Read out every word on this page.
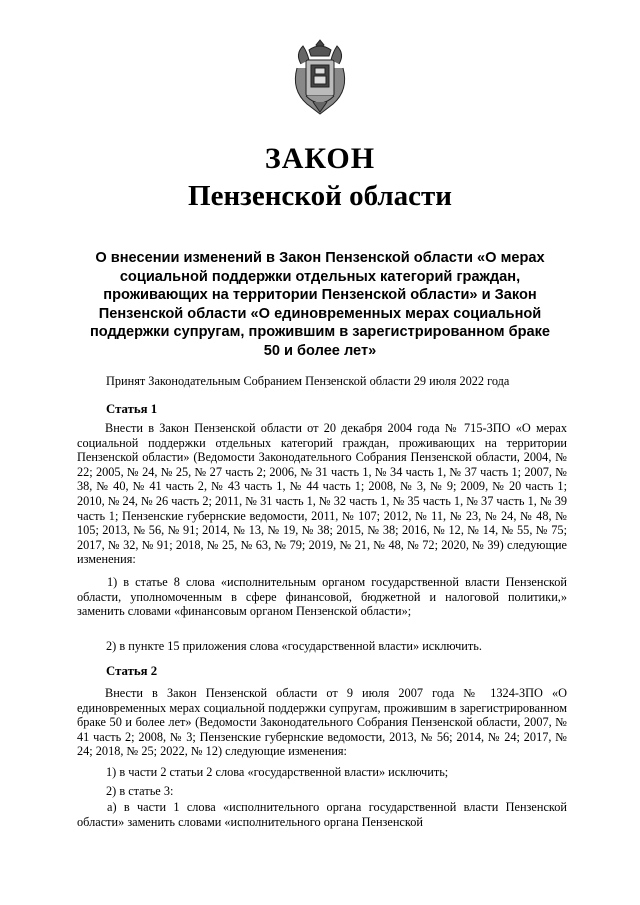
ЗАКОН
Пензенской области
О внесении изменений в Закон Пензенской области «О мерах социальной поддержки отдельных категорий граждан, проживающих на территории Пензенской области» и Закон Пензенской области «О единовременных мерах социальной поддержки супругам, прожившим в зарегистрированном браке 50 и более лет»
Принят Законодательным Собранием Пензенской области 29 июля 2022 года
Статья 1
Внести в Закон Пензенской области от 20 декабря 2004 года № 715-ЗПО «О мерах социальной поддержки отдельных категорий граждан, проживающих на территории Пензенской области» (Ведомости Законодательного Собрания Пензенской области, 2004, № 22; 2005, № 24, № 25, № 27 часть 2; 2006, № 31 часть 1, № 34 часть 1, № 37 часть 1; 2007, № 38, № 40, № 41 часть 2, № 43 часть 1, № 44 часть 1; 2008, № 3, № 9; 2009, № 20 часть 1; 2010, № 24, № 26 часть 2; 2011, № 31 часть 1, № 32 часть 1, № 35 часть 1, № 37 часть 1, № 39 часть 1; Пензенские губернские ведомости, 2011, № 107; 2012, № 11, № 23, № 24, № 48, № 105; 2013, № 56, № 91; 2014, № 13, № 19, № 38; 2015, № 38; 2016, № 12, № 14, № 55, № 75; 2017, № 32, № 91; 2018, № 25, № 63, № 79; 2019, № 21, № 48, № 72; 2020, № 39) следующие изменения:
1) в статье 8 слова «исполнительным органом государственной власти Пензенской области, уполномоченным в сфере финансовой, бюджетной и налоговой политики,» заменить словами «финансовым органом Пензенской области»;
2) в пункте 15 приложения слова «государственной власти» исключить.
Статья 2
Внести в Закон Пензенской области от 9 июля 2007 года № 1324-ЗПО «О единовременных мерах социальной поддержки супругам, прожившим в зарегистрированном браке 50 и более лет» (Ведомости Законодательного Собрания Пензенской области, 2007, № 41 часть 2; 2008, № 3; Пензенские губернские ведомости, 2013, № 56; 2014, № 24; 2017, № 24; 2018, № 25; 2022, № 12) следующие изменения:
1) в части 2 статьи 2 слова «государственной власти» исключить;
2) в статье 3:
а) в части 1 слова «исполнительного органа государственной власти Пензенской области» заменить словами «исполнительного органа Пензенской
